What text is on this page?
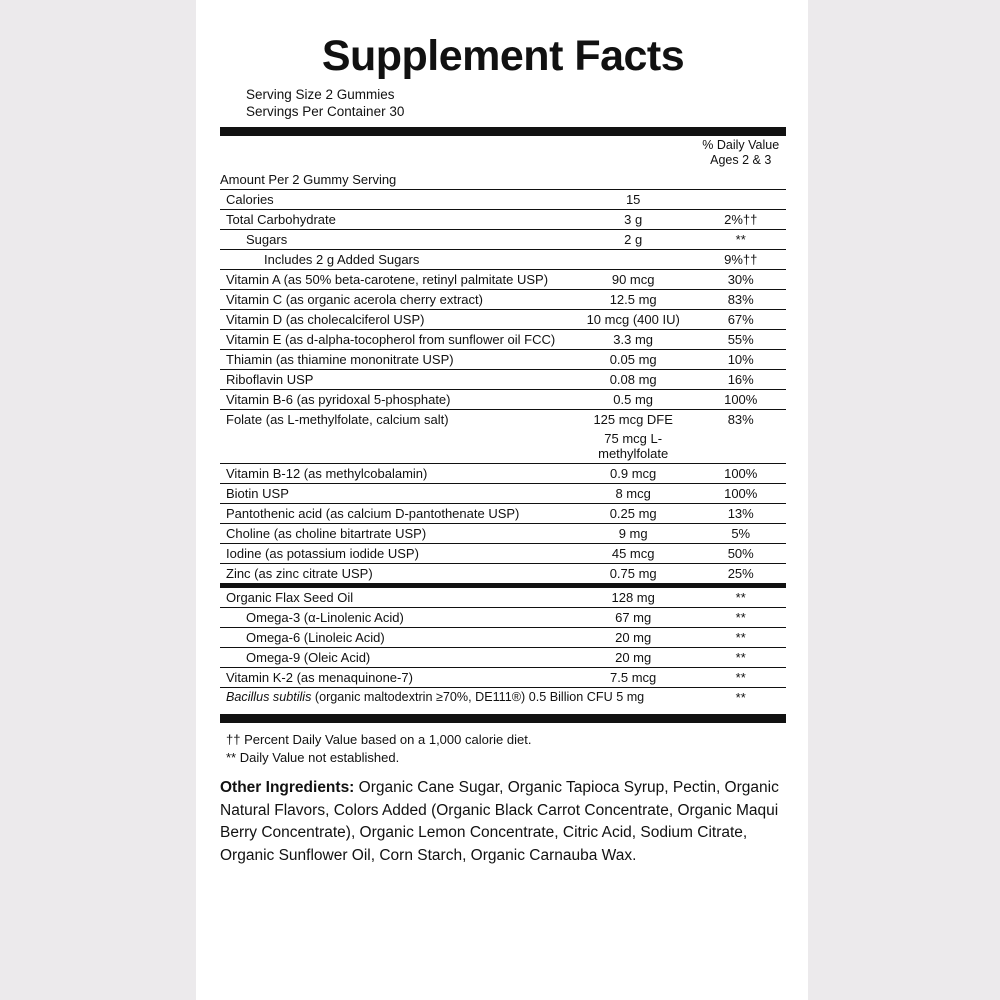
Supplement Facts
Serving Size 2 Gummies
Servings Per Container 30
		% Daily Value
Ages 2 & 3
Amount Per 2 Gummy Serving		
Calories	15	
Total Carbohydrate	3 g	2%††
Sugars	2 g	**
Includes 2 g Added Sugars		9%††
Vitamin A (as 50% beta-carotene, retinyl palmitate USP)	90 mcg	30%
Vitamin C (as organic acerola cherry extract)	12.5 mg	83%
Vitamin D (as cholecalciferol USP)	10 mcg (400 IU)	67%
Vitamin E (as d-alpha-tocopherol from sunflower oil FCC)	3.3 mg	55%
Thiamin (as thiamine mononitrate USP)	0.05 mg	10%
Riboflavin USP	0.08 mg	16%
Vitamin B-6 (as pyridoxal 5-phosphate)	0.5 mg	100%
Folate (as L-methylfolate, calcium salt)	125 mcg DFE	83%
	75 mcg L-methylfolate	
Vitamin B-12 (as methylcobalamin)	0.9 mcg	100%
Biotin USP	8 mcg	100%
Pantothenic acid (as calcium D-pantothenate USP)	0.25 mg	13%
Choline (as choline bitartrate USP)	9 mg	5%
Iodine (as potassium iodide USP)	45 mcg	50%
Zinc (as zinc citrate USP)	0.75 mg	25%
Organic Flax Seed Oil	128 mg	**
Omega-3 (α-Linolenic Acid)	67 mg	**
Omega-6 (Linoleic Acid)	20 mg	**
Omega-9 (Oleic Acid)	20 mg	**
Vitamin K-2 (as menaquinone-7)	7.5 mcg	**
Bacillus subtilis (organic maltodextrin ≥70%, DE111®) 0.5 Billion CFU 5 mg		**
†† Percent Daily Value based on a 1,000 calorie diet.
** Daily Value not established.
Other Ingredients: Organic Cane Sugar, Organic Tapioca Syrup, Pectin, Organic Natural Flavors, Colors Added (Organic Black Carrot Concentrate, Organic Maqui Berry Concentrate), Organic Lemon Concentrate, Citric Acid, Sodium Citrate, Organic Sunflower Oil, Corn Starch, Organic Carnauba Wax.
